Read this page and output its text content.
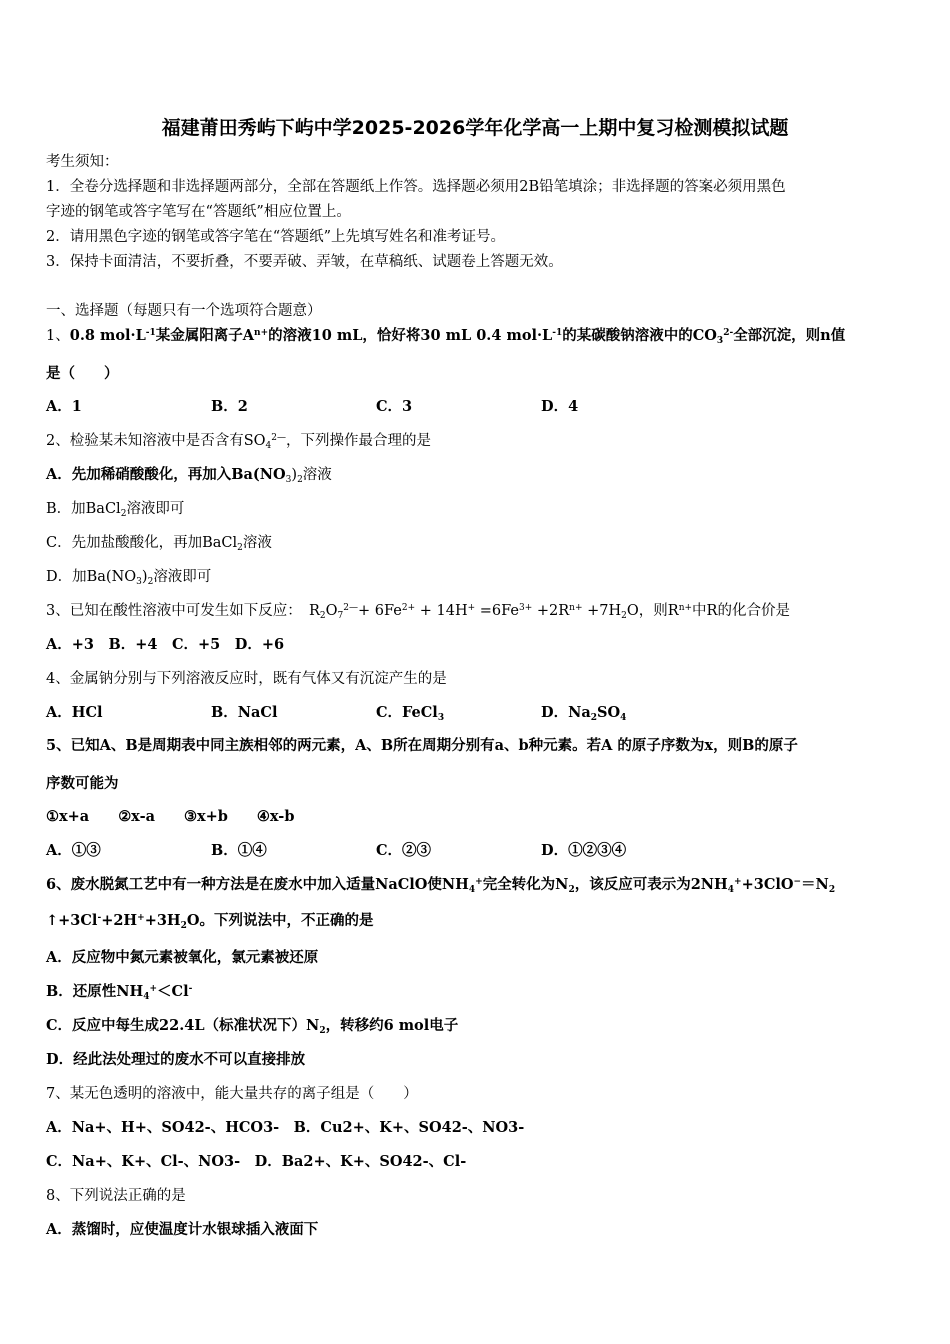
福建莆田秀屿下屿中学2025-2026学年化学高一上期中复习检测模拟试题
考生须知：
1．全卷分选择题和非选择题两部分，全部在答题纸上作答。选择题必须用2B铅笔填涂；非选择题的答案必须用黑色
字迹的钢笔或答字笔写在“答题纸”相应位置上。
2．请用黑色字迹的钢笔或答字笔在“答题纸”上先填写姓名和准考证号。
3．保持卡面清洁，不要折叠，不要弄破、弄皱，在草稿纸、试题卷上答题无效。
一、选择题（每题只有一个选项符合题意）
1、0.8 $mol\cdot L^{-1}$某金属阳离子$A^{n+}$的溶液10 mL，恰好将30 mL 0.4 $mol\cdot L^{-1}$的某碳酸钠溶液中的$CO_3^{2-}$全部沉淀，则n值
是（　　）
A．1	B．2	C．3	D．4
2、检验某未知溶液中是否含有$SO_4^{2—}$，下列操作最合理的是
A．先加稀硝酸酸化，再加入$Ba(NO_3)_2$溶液
B．加BaCl$_2$溶液即可
C．先加盐酸酸化，再加BaCl$_2$溶液
D．加$Ba(NO_3)_2$溶液即可
3、已知在酸性溶液中可发生如下反应：　$R_2O_7^{2—}+ 6Fe^{2+} + 14H^+ =6Fe^{3+} +2R^{n+} +7H_2O$，则$R^{n+}$中R的化合价是
A．+3　B．+4　C．+5　D．+6
4、金属钠分别与下列溶液反应时，既有气体又有沉淀产生的是
A．HCl	B．NaCl	C．FeCl$_3$	D．$Na_2SO_4$
5、已知A、B是周期表中同主族相邻的两元素，A、B所在周期分别有a、b种元素。若A 的原子序数为x，则B的原子
序数可能为
①x+a　　②x-a　　③x+b　　④x-b
A．①③	B．①④	C．②③	D．①②③④
6、废水脱氮工艺中有一种方法是在废水中加入适量NaClO使$NH_4^+$完全转化为$N_2$，该反应可表示为$2NH_4^++3ClO^-=N_2$
$↑+3Cl^-+2H^++3H_2O$。下列说法中，不正确的是
A．反应物中氮元素被氧化，氯元素被还原
B．还原性$NH_4^+<Cl^-$
C．反应中每生成22.4L（标准状况下）$N_2$，转移约6 mol电子
D．经此法处理过的废水不可以直接排放
7、某无色透明的溶液中，能大量共存的离子组是（　　）
A．Na+、H+、SO42-、HCO3-　B．Cu2+、K+、SO42-、NO3-
C．Na+、K+、Cl-、NO3-　D．Ba2+、K+、SO42-、Cl-
8、下列说法正确的是
A．蒸馏时，应使温度计水银球插入液面下
